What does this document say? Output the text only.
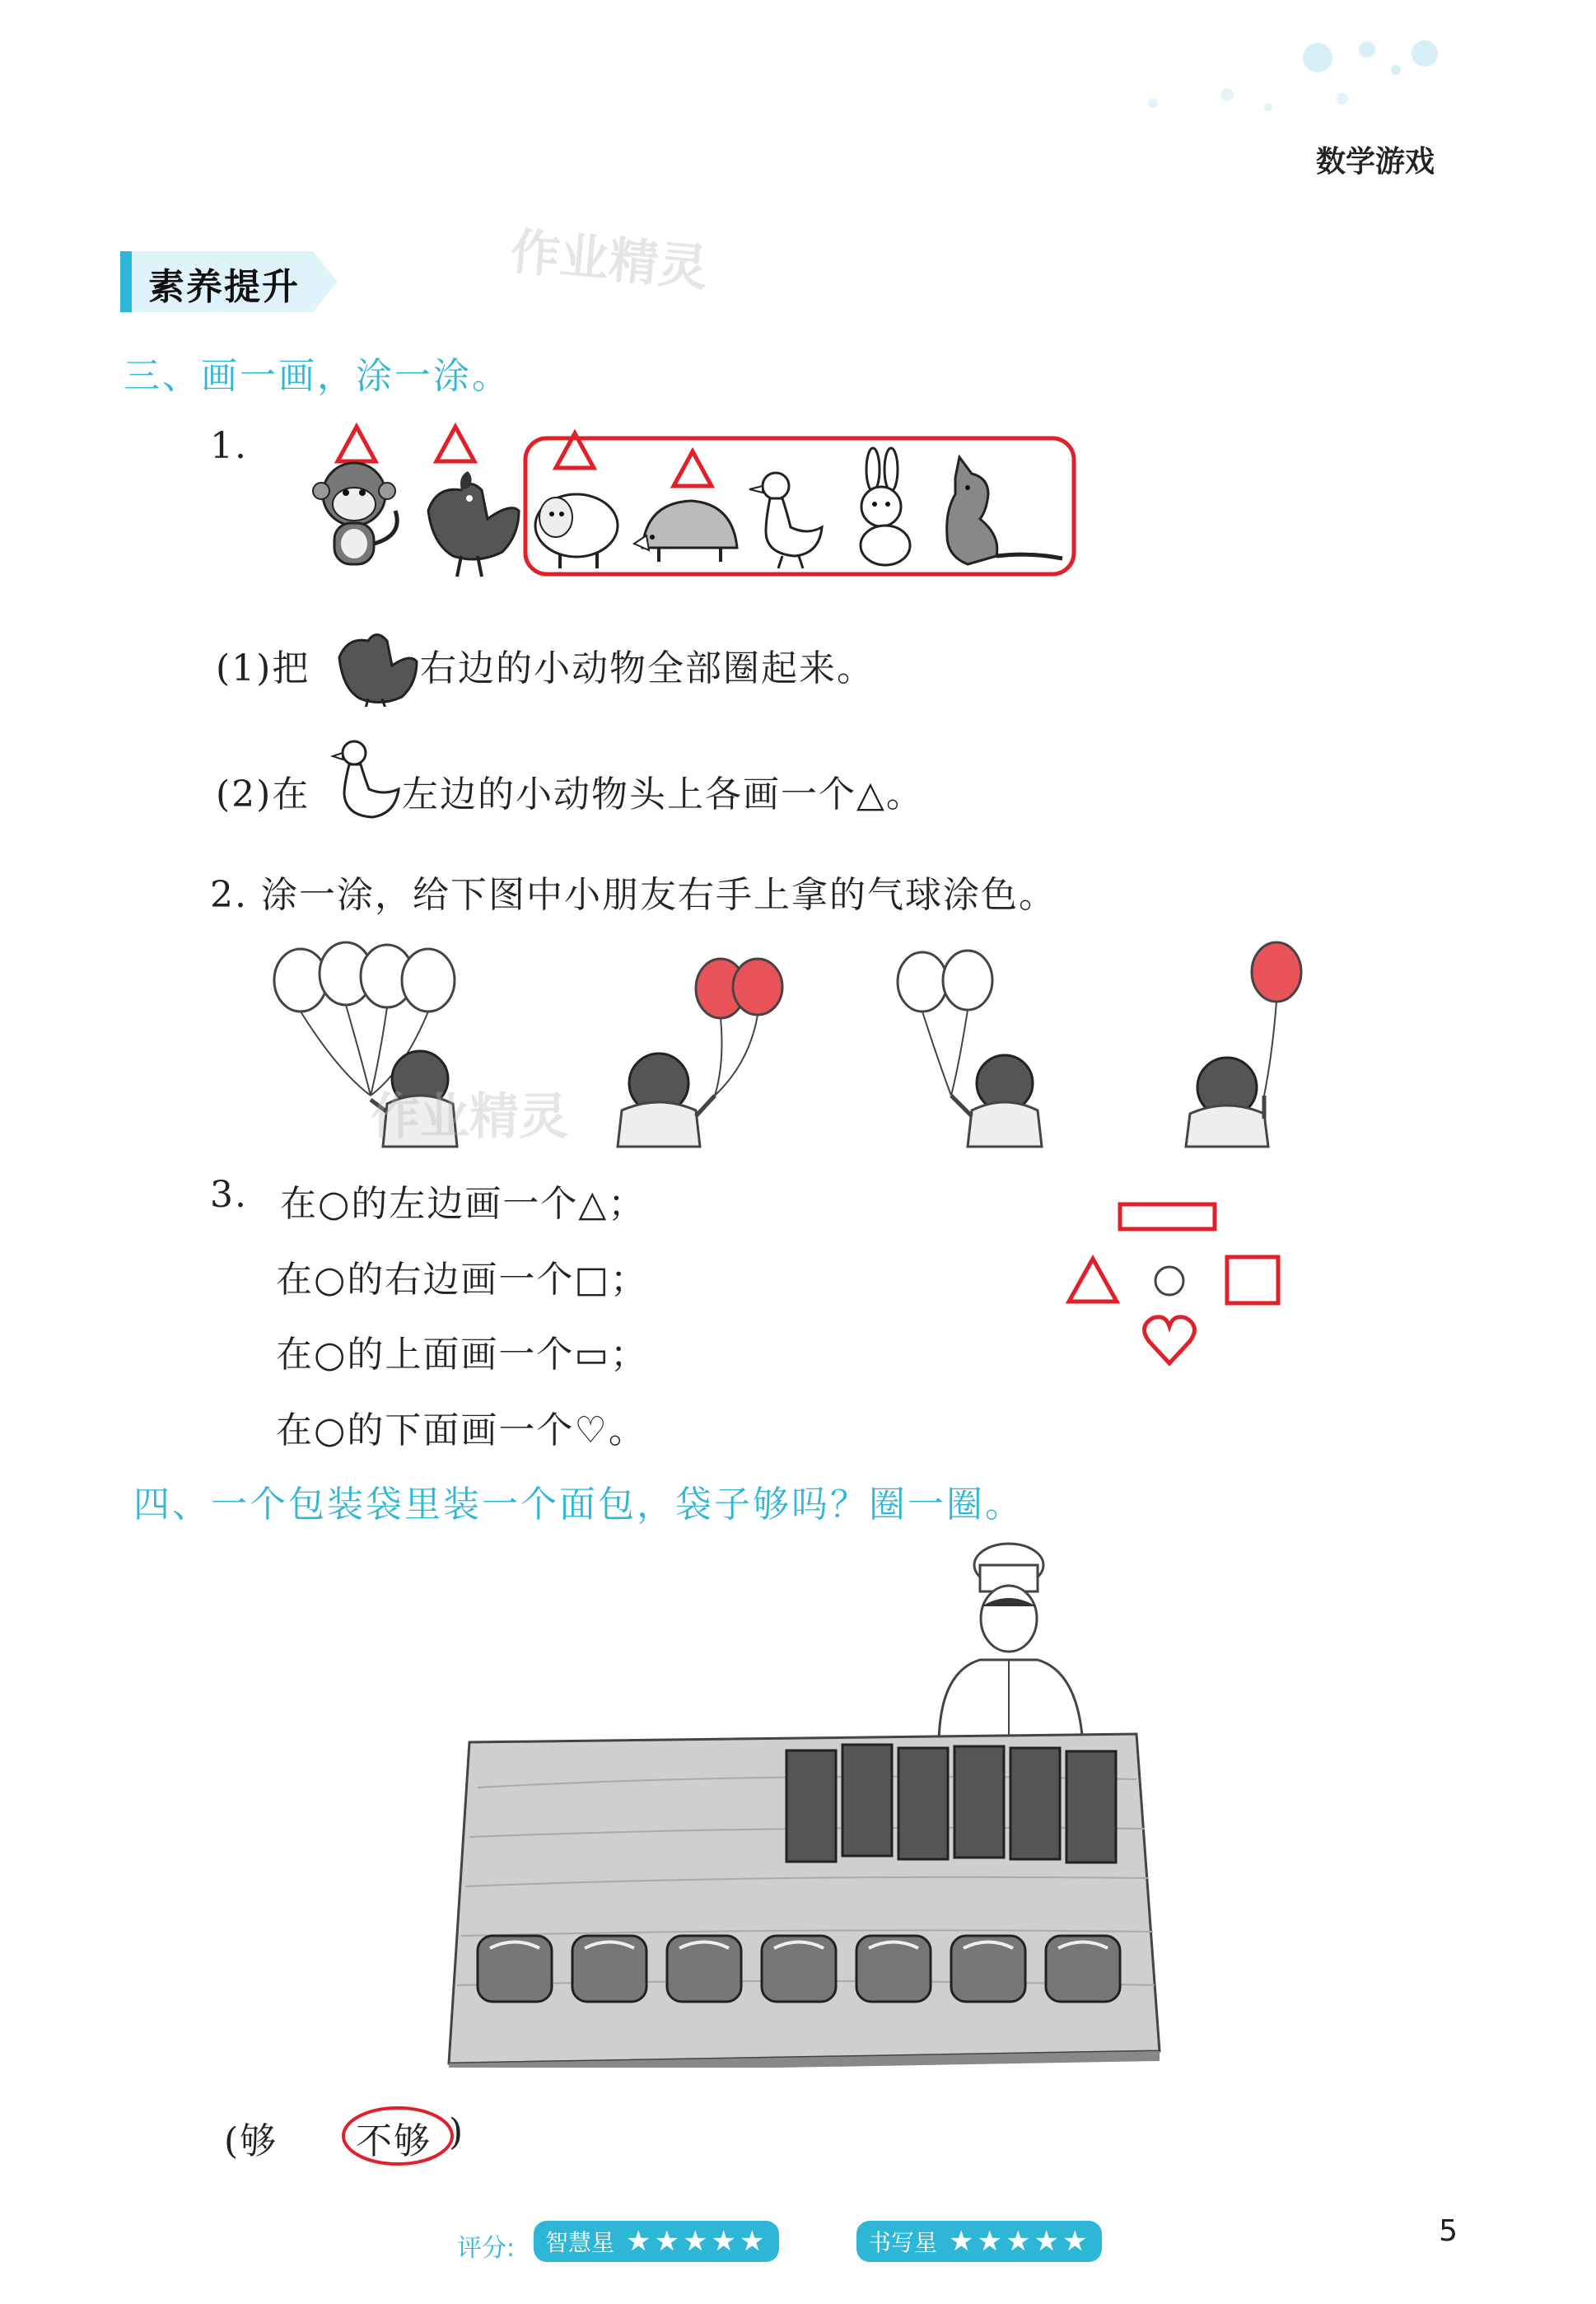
数学游戏
素养提升	作业精灵
三、画一画，涂一涂。
1.
(1)把	右边的小动物全部圈起来。
(2)在	左边的小动物头上各画一个△。
2. 涂一涂，给下图中小朋友右手上拿的气球涂色。
作业精灵
3. 在○的左边画一个△；
在○的右边画一个□；
在○的上面画一个▭；
在○的下面画一个♡。
四、一个包装袋里装一个面包，袋子够吗？圈一圈。
(够 不够 )
评分: 智慧星 ★★★★★	书写星 ★★★★★	5
